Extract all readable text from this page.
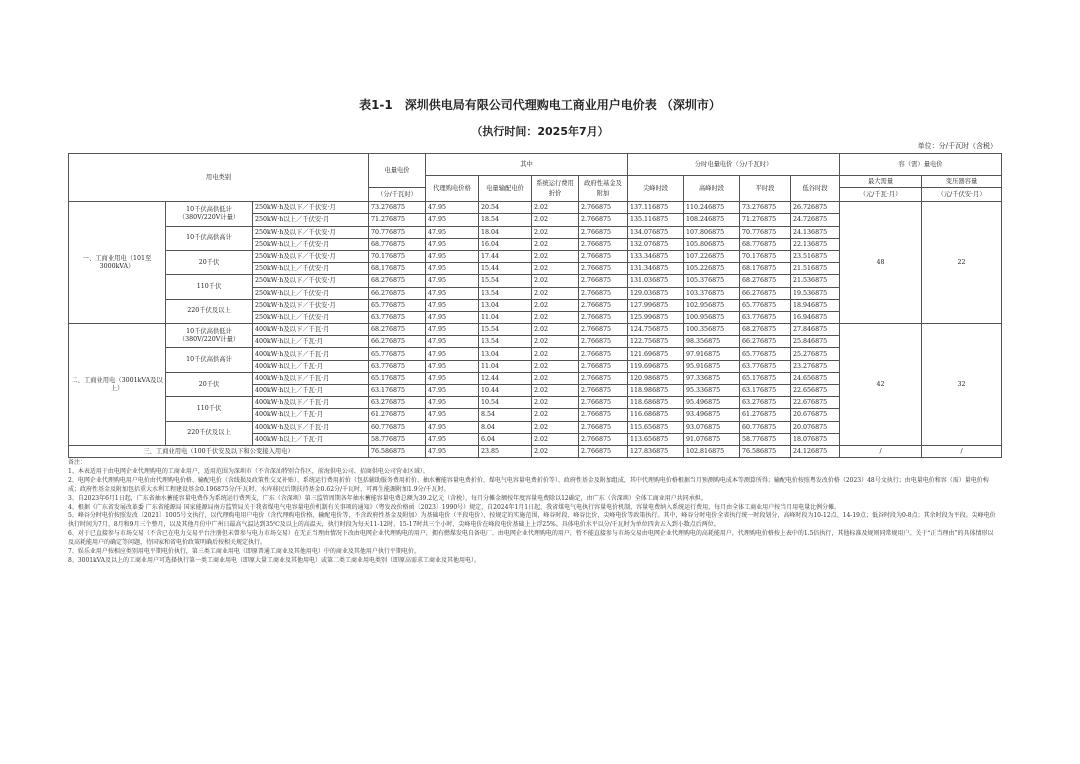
表1-1　深圳供电局有限公司代理购电工商业用户电价表 （深圳市）
（执行时间：2025年7月）
单位：分/千瓦时（含税）
用电类别			电量电价	其中				分时电量电价（分/千瓦时）				容（需）量电价	
				代理购电价格	电量输配电价	系统运行费用折价	政府性基金及附加	尖峰时段	高峰时段	平时段	低谷时段	最大需量	变压器容量
			（分/千瓦时）									（元/千瓦·月）	（元/千伏安·月）
一、工商业用电（101至3000kVA）	10千伏高供低计（380V/220V计量）	250kW·h及以下／千伏安·月	73.276875	47.95	20.54	2.02	2.766875	137.116875	110.246875	73.276875	26.726875	48	22
		250kW·h以上／千伏安·月	71.276875	47.95	18.54	2.02	2.766875	135.116875	108.246875	71.276875	24.726875		
	10千伏高供高计	250kW·h及以下／千伏安·月	70.776875	47.95	18.04	2.02	2.766875	134.076875	107.806875	70.776875	24.136875		
		250kW·h以上／千伏安·月	68.776875	47.95	16.04	2.02	2.766875	132.076875	105.806875	68.776875	22.136875		
	20千伏	250kW·h及以下／千伏安·月	70.176875	47.95	17.44	2.02	2.766875	133.346875	107.226875	70.176875	23.516875		
		250kW·h以上／千伏安·月	68.176875	47.95	15.44	2.02	2.766875	131.346875	105.226875	68.176875	21.516875		
	110千伏	250kW·h及以下／千伏安·月	68.276875	47.95	15.54	2.02	2.766875	131.036875	105.376875	68.276875	21.536875		
		250kW·h以上／千伏安·月	66.276875	47.95	13.54	2.02	2.766875	129.036875	103.376875	66.276875	19.536875		
	220千伏及以上	250kW·h及以下／千伏安·月	65.776875	47.95	13.04	2.02	2.766875	127.996875	102.956875	65.776875	18.946875		
		250kW·h以上／千伏安·月	63.776875	47.95	11.04	2.02	2.766875	125.996875	100.956875	63.776875	16.946875		
二、工商业用电（3001kVA及以上）	10千伏高供低计（380V/220V计量）	400kW·h及以下／千瓦·月	68.276875	47.95	15.54	2.02	2.766875	124.756875	100.356875	68.276875	27.846875	42	32
		400kW·h以上／千瓦·月	66.276875	47.95	13.54	2.02	2.766875	122.756875	98.356875	66.276875	25.846875		
	10千伏高供高计	400kW·h及以下／千瓦·月	65.776875	47.95	13.04	2.02	2.766875	121.696875	97.916875	65.776875	25.276875		
		400kW·h以上／千瓦·月	63.776875	47.95	11.04	2.02	2.766875	119.696875	95.916875	63.776875	23.276875		
	20千伏	400kW·h及以下／千瓦·月	65.176875	47.95	12.44	2.02	2.766875	120.986875	97.336875	65.176875	24.656875		
		400kW·h以上／千瓦·月	63.176875	47.95	10.44	2.02	2.766875	118.986875	95.336875	63.176875	22.656875		
	110千伏	400kW·h及以下／千瓦·月	63.276875	47.95	10.54	2.02	2.766875	118.686875	95.496875	63.276875	22.676875		
		400kW·h以上／千瓦·月	61.276875	47.95	8.54	2.02	2.766875	116.686875	93.496875	61.276875	20.676875		
	220千伏及以上	400kW·h及以下／千瓦·月	60.776875	47.95	8.04	2.02	2.766875	115.656875	93.076875	60.776875	20.076875		
		400kW·h以上／千瓦·月	58.776875	47.95	6.04	2.02	2.766875	113.656875	91.076875	58.776875	18.076875		
三、工商业用电（100千伏安及以下和公变接入用电）			76.586875	47.95	23.85	2.02	2.766875	127.836875	102.816875	76.586875	24.126875	/	/

备注：

1、本表适用于由电网企业代理购电的工商业用户，适用范围为深圳市（不含深汕特别合作区，前海供电公司、招商供电公司营业区域）。

2、电网企业代理购电用户电价由代理购电价格、输配电价（含线损及政策性交叉补贴）、系统运行费用折价（包括辅助服务费用折价、抽水蓄能容量电费折价、煤电气电容量电费折价等）、政府性基金及附加组成，其中代理购电价格根据当月预测购电成本等测算所得；输配电价按照粤发改价格（2023）48号文执行；由电量电价和容（需）量电价构成；政府性基金及附加包括重大水利工程建设基金0.196875分/千瓦时、水库移民后期扶持基金0.62分/千瓦时、可再生能源附加1.9分/千瓦时。

3、自2023年6月1日起，广东省抽水蓄能容量电费作为系统运行费列支，广东（含深圳）第三监管周期各年抽水蓄能容量电费总额为39.2亿元（含税），每月分摊金额按年度容量电费除以12确定，由广东（含深圳）全体工商业用户共同承担。

4、根据《广东省发展改革委 广东省能源局 国家能源局南方监管局关于我省煤电气电容量电价机制有关事项的通知》（粤发改价格函〔2023〕1990号）规定，自2024年1月1日起，我省煤电气电执行容量电价机制，容量电费纳入系统运行费用，每月由全体工商业用户按当月用电量比例分摊。

5、峰谷分时电价按照发改〔2021〕1005号文执行，以代理购电用户电价（含代理购电价格、输配电价等，不含政府性基金及附加）为基础电价（平段电价），按规定的实施范围，峰谷时段、峰谷比价、尖峰电价等政策执行。其中，峰谷分时电价全省执行统一时段划分，高峰时段为10-12点、14-19点；低谷时段为0-8点；其余时段为平段。尖峰电价执行时间为7月、8月和9月三个整月，以及其他月份中广州日最高气温达到35℃及以上的高温天，执行时段为每天11-12时、15-17时共三个小时，尖峰电价在峰段电价基础上上浮25%。具体电价水平以分/千瓦时为单位四舍五入到小数点后两位。

6、对于已直接参与市场交易（不含已在电力交易平台注册但未曾参与电力市场交易）在无正当理由情况下改由电网企业代理购电的用户，拥有燃煤发电自备电厂、由电网企业代理购电的用户，暂不能直接参与市场交易由电网企业代理购电的高耗能用户，代理购电价格按上表中的1.5倍执行，其他标准及规则同常规用户。关于“正当理由”的具体情形以及高耗能用户的确定等问题，待国家和省电价政策明确后按相关规定执行。

7、娱乐业用户按相应类别用电平期电价执行，第三类工商业用电（即原普通工商业及其他用电）中的商业及其他用户执行平期电价。

8、3001kVA及以上的工商业用户可选择执行第一类工商业用电（即原大量工商业及其他用电）或第二类工商业用电类别（即原高需求工商业及其他用电）。
